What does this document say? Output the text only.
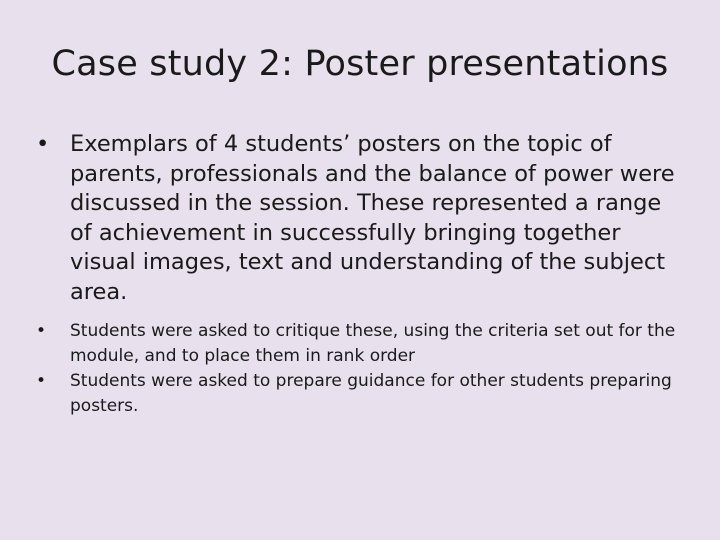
Case study 2: Poster presentations
• Exemplars of 4 students’ posters on the topic of parents, professionals and the balance of power were discussed in the session. These represented a range of achievement in successfully bringing together visual images, text and understanding of the subject area.
• Students were asked to critique these, using the criteria set out for the module, and to place them in rank order
• Students were asked to prepare guidance for other students preparing posters.
